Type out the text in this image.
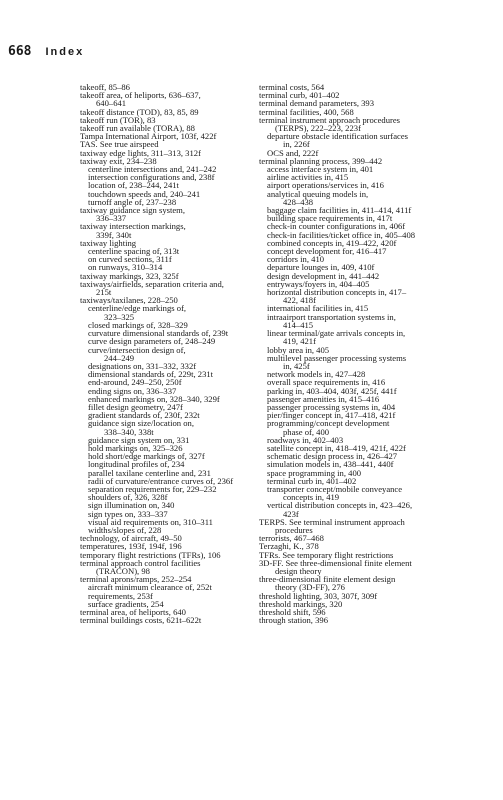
668 Index
takeoff, 85–86
takeoff area, of heliports, 636–637,
640–641
takeoff distance (TOD), 83, 85, 89
takeoff run (TOR), 83
takeoff run available (TORA), 88
Tampa International Airport, 103f, 422f
TAS. See true airspeed
taxiway edge lights, 311–313, 312f
taxiway exit, 234–238
centerline intersections and, 241–242
intersection configurations and, 238f
location of, 238–244, 241t
touchdown speeds and, 240–241
turnoff angle of, 237–238
taxiway guidance sign system,
336–337
taxiway intersection markings,
339f, 340t
taxiway lighting
centerline spacing of, 313t
on curved sections, 311f
on runways, 310–314
taxiway markings, 323, 325f
taxiways/airfields, separation criteria and,
215t
taxiways/taxilanes, 228–250
centerline/edge markings of,
323–325
closed markings of, 328–329
curvature dimensional standards of, 239t
curve design parameters of, 248–249
curve/intersection design of,
244–249
designations on, 331–332, 332f
dimensional standards of, 229t, 231t
end-around, 249–250, 250f
ending signs on, 336–337
enhanced markings on, 328–340, 329f
fillet design geometry, 247f
gradient standards of, 230f, 232t
guidance sign size/location on,
338–340, 338t
guidance sign system on, 331
hold markings on, 325–326
hold short/edge markings of, 327f
longitudinal profiles of, 234
parallel taxilane centerline and, 231
radii of curvature/entrance curves of, 236f
separation requirements for, 229–232
shoulders of, 326, 328f
sign illumination on, 340
sign types on, 333–337
visual aid requirements on, 310–311
widths/slopes of, 228
technology, of aircraft, 49–50
temperatures, 193f, 194f, 196
temporary flight restrictions (TFRs), 106
terminal approach control facilities
(TRACON), 98
terminal aprons/ramps, 252–254
aircraft minimum clearance of, 252t
requirements, 253f
surface gradients, 254
terminal area, of heliports, 640
terminal buildings costs, 621t–622t
terminal costs, 564
terminal curb, 401–402
terminal demand parameters, 393
terminal facilities, 400, 568
terminal instrument approach procedures
(TERPS), 222–223, 223f
departure obstacle identification surfaces
in, 226f
OCS and, 222f
terminal planning process, 399–442
access interface system in, 401
airline activities in, 415
airport operations/services in, 416
analytical queuing models in,
428–438
baggage claim facilities in, 411–414, 411f
building space requirements in, 417t
check-in counter configurations in, 406f
check-in facilities/ticket office in, 405–408
combined concepts in, 419–422, 420f
concept development for, 416–417
corridors in, 410
departure lounges in, 409, 410f
design development in, 441–442
entryways/foyers in, 404–405
horizontal distribution concepts in, 417–
422, 418f
international facilities in, 415
intraairport transportation systems in,
414–415
linear terminal/gate arrivals concepts in,
419, 421f
lobby area in, 405
multilevel passenger processing systems
in, 425f
network models in, 427–428
overall space requirements in, 416
parking in, 403–404, 403f, 425f, 441f
passenger amenities in, 415–416
passenger processing systems in, 404
pier/finger concept in, 417–418, 421f
programming/concept development
phase of, 400
roadways in, 402–403
satellite concept in, 418–419, 421f, 422f
schematic design process in, 426–427
simulation models in, 438–441, 440f
space programming in, 400
terminal curb in, 401–402
transporter concept/mobile conveyance
concepts in, 419
vertical distribution concepts in, 423–426,
423f
TERPS. See terminal instrument approach
procedures
terrorists, 467–468
Terzaghi, K., 378
TFRs. See temporary flight restrictions
3D-FF. See three-dimensional finite element
design theory
three-dimensional finite element design
theory (3D-FF), 276
threshold lighting, 303, 307f, 309f
threshold markings, 320
threshold shift, 596
through station, 396
